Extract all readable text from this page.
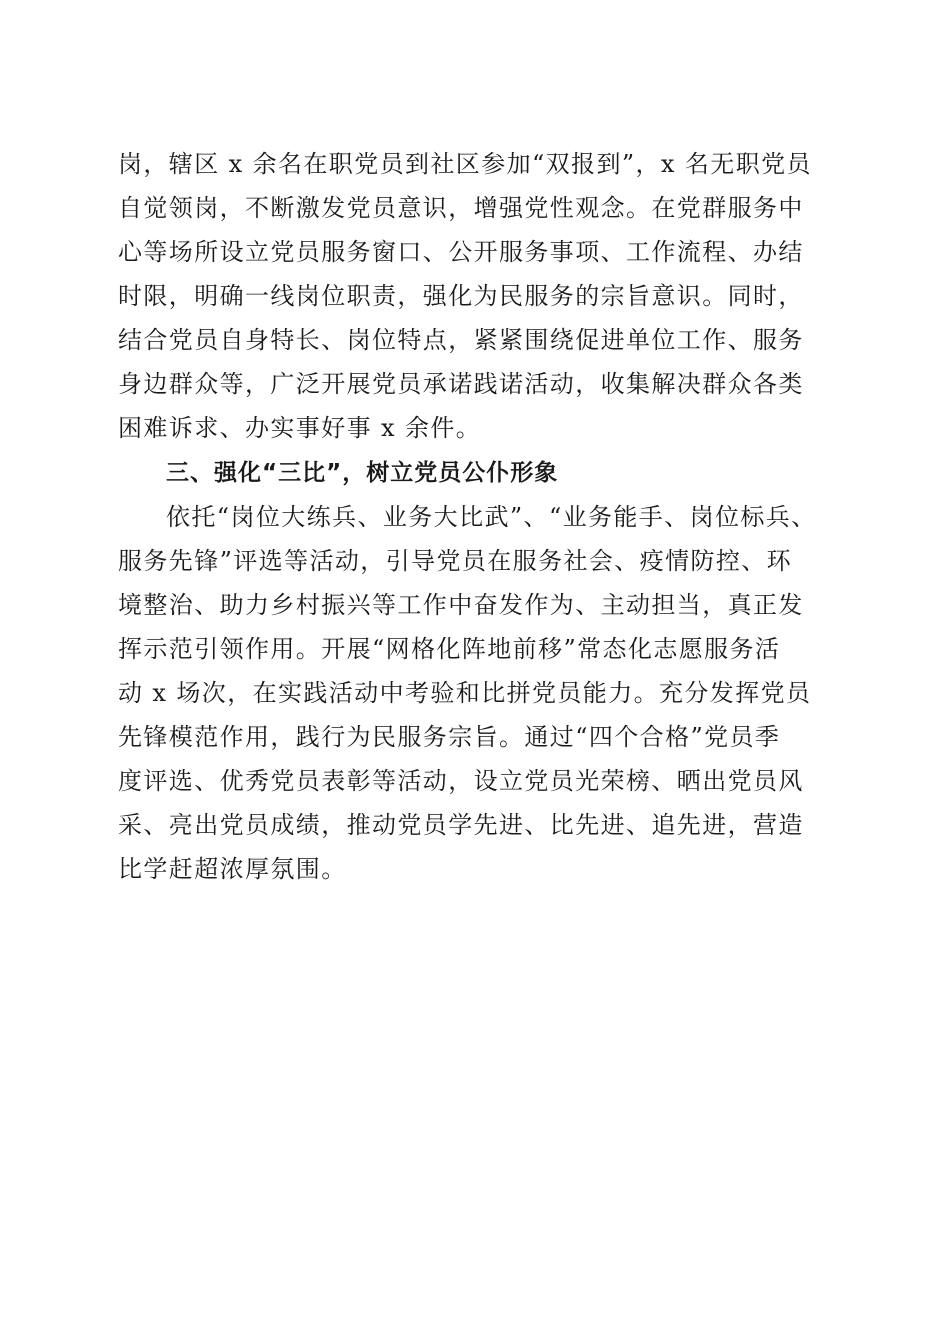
岗，辖区 x 余名在职党员到社区参加“双报到”，x 名无职党员
自觉领岗，不断激发党员意识，增强党性观念。在党群服务中
心等场所设立党员服务窗口、公开服务事项、工作流程、办结
时限，明确一线岗位职责，强化为民服务的宗旨意识。同时，
结合党员自身特长、岗位特点，紧紧围绕促进单位工作、服务
身边群众等，广泛开展党员承诺践诺活动，收集解决群众各类
困难诉求、办实事好事 x 余件。
三、强化“三比”，树立党员公仆形象
依托“岗位大练兵、业务大比武”、“业务能手、岗位标兵、
服务先锋”评选等活动，引导党员在服务社会、疫情防控、环
境整治、助力乡村振兴等工作中奋发作为、主动担当，真正发
挥示范引领作用。开展“网格化阵地前移”常态化志愿服务活
动 x 场次，在实践活动中考验和比拼党员能力。充分发挥党员
先锋模范作用，践行为民服务宗旨。通过“四个合格”党员季
度评选、优秀党员表彰等活动，设立党员光荣榜、晒出党员风
采、亮出党员成绩，推动党员学先进、比先进、追先进，营造
比学赶超浓厚氛围。
